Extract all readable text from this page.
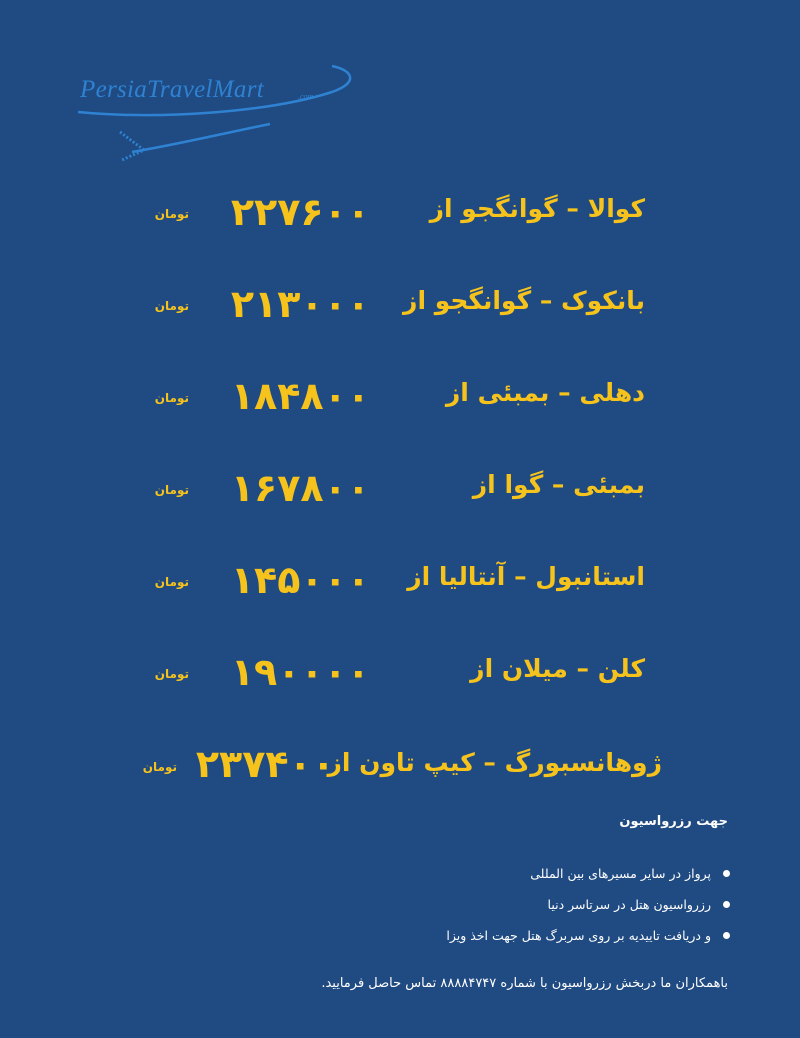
PersiaTravelMart	.com
کوالا – گوانگجو از
۲۲۷۶۰۰
تومان
بانکوک – گوانگجو از
۲۱۳۰۰۰
تومان
دهلی – بمبئی از
۱۸۴۸۰۰
تومان
بمبئی – گوا از
۱۶۷۸۰۰
تومان
استانبول – آنتالیا از
۱۴۵۰۰۰
تومان
کلن – میلان از
۱۹۰۰۰۰
تومان
ژوهانسبورگ – کیپ تاون از
۲۳۷۴۰۰
تومان
جهت رزرواسیون
پرواز در سایر مسیرهای بین المللی
رزرواسیون هتل در سرتاسر دنیا
و دریافت تاییدیه بر روی سربرگ هتل جهت اخذ ویزا
باهمکاران ما دربخش رزرواسیون با شماره ۸۸۸۸۴۷۴۷ تماس حاصل فرمایید.
